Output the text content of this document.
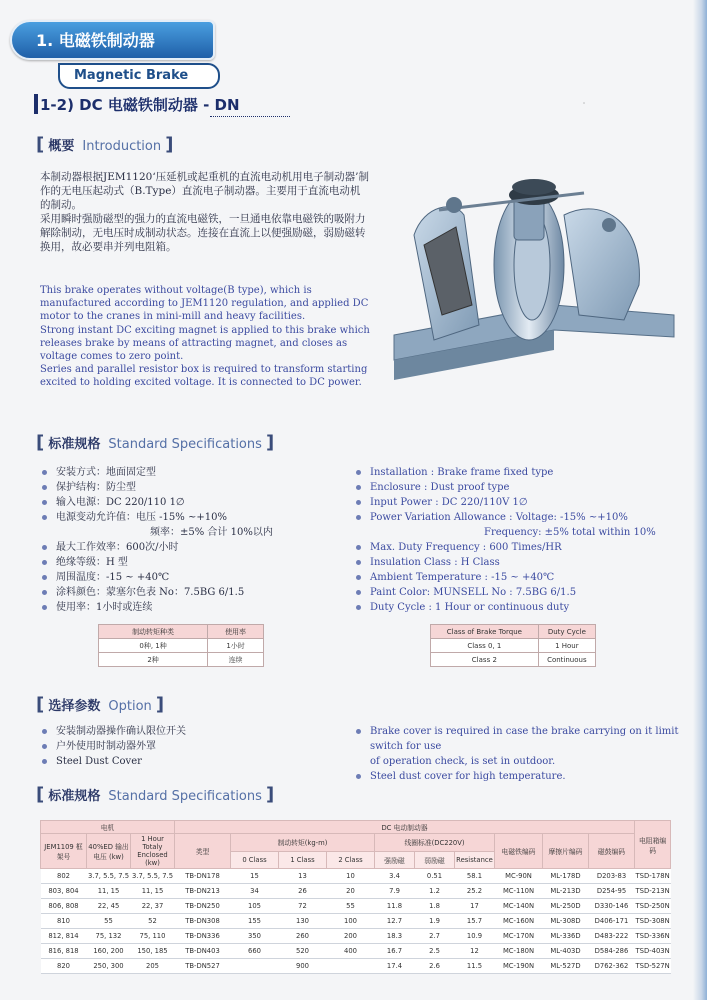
1. 电磁铁制动器
Magnetic Brake
1-2) DC 电磁铁制动器 - DN
[ 概要 Introduction ]

本制动器根据JEM1120‘压延机或起重机的直流电动机用电子制动器’制作的无电压起动式（B.Type）直流电子制动器。主要用于直流电动机的制动。

采用瞬时强励磁型的强力的直流电磁铁，一旦通电依靠电磁铁的吸附力解除制动，无电压时成制动状态。连接在直流上以便强励磁，弱励磁转换用，故必要串并列电阻箱。

This brake operates without voltage(B type), which is manufactured according to JEM1120 regulation, and applied DC motor to the cranes in mini-mill and heavy facilities.

Strong instant DC exciting magnet is applied to this brake which releases brake by means of attracting magnet, and closes as voltage comes to zero point.

Series and parallel resistor box is required to transform starting excited to holding excited voltage. It is connected to DC power.

˙
[ 标准规格 Standard Specifications ]
安装方式：地面固定型
保护结构：防尘型
输入电源：DC 220/110 1∅
电源变动允许值：电压 -15% ~+10%
频率：±5% 合计 10%以内
最大工作效率：600次/小时
绝缘等级：H 型
周围温度：-15 ~ +40℃
涂料颜色：蒙塞尔色表 No：7.5BG 6/1.5
使用率：1小时或连续
Installation : Brake frame fixed type
Enclosure : Dust proof type
Input Power : DC 220/110V 1∅
Power Variation Allowance : Voltage: -15% ~+10%
Frequency: ±5% total within 10%
Max. Duty Frequency : 600 Times/HR
Insulation Class : H Class
Ambient Temperature : -15 ~ +40℃
Paint Color: MUNSELL No : 7.5BG 6/1.5
Duty Cycle : 1 Hour or continuous duty
制动转矩种类	使用率
0种, 1种	1小时
2种	连续
Class of Brake Torque	Duty Cycle
Class 0, 1	1 Hour
Class 2	Continuous
[ 选择参数 Option ]
安装制动器操作确认限位开关
户外使用时制动器外罩
Steel Dust Cover
Brake cover is required in case the brake carrying on it limit switch for use
of operation check, is set in outdoor.
Steel dust cover for high temperature.
[ 标准规格 Standard Specifications ]
电机			DC 电动制动器										电阻箱编码
JEM1109 框架号	40%ED 输出电压 (kw)	1 Hour Totaly Enclosed (kw)	类型	制动转矩(kg-m)			线圈标准(DC220V)			电磁铁编码	摩擦片编码	磁鼓编码	
				0 Class	1 Class	2 Class	强励磁	弱励磁	Resistance				
802	3.7, 5.5, 7.5	3.7, 5.5, 7.5	TB-DN178	15	13	10	3.4	0.51	58.1	MC-90N	ML-178D	D203-83	TSD-178N
803, 804	11, 15	11, 15	TB-DN213	34	26	20	7.9	1.2	25.2	MC-110N	ML-213D	D254-95	TSD-213N
806, 808	22, 45	22, 37	TB-DN250	105	72	55	11.8	1.8	17	MC-140N	ML-250D	D330-146	TSD-250N
810	55	52	TB-DN308	155	130	100	12.7	1.9	15.7	MC-160N	ML-308D	D406-171	TSD-308N
812, 814	75, 132	75, 110	TB-DN336	350	260	200	18.3	2.7	10.9	MC-170N	ML-336D	D483-222	TSD-336N
816, 818	160, 200	150, 185	TB-DN403	660	520	400	16.7	2.5	12	MC-180N	ML-403D	D584-286	TSD-403N
820	250, 300	205	TB-DN527		900		17.4	2.6	11.5	MC-190N	ML-527D	D762-362	TSD-527N
